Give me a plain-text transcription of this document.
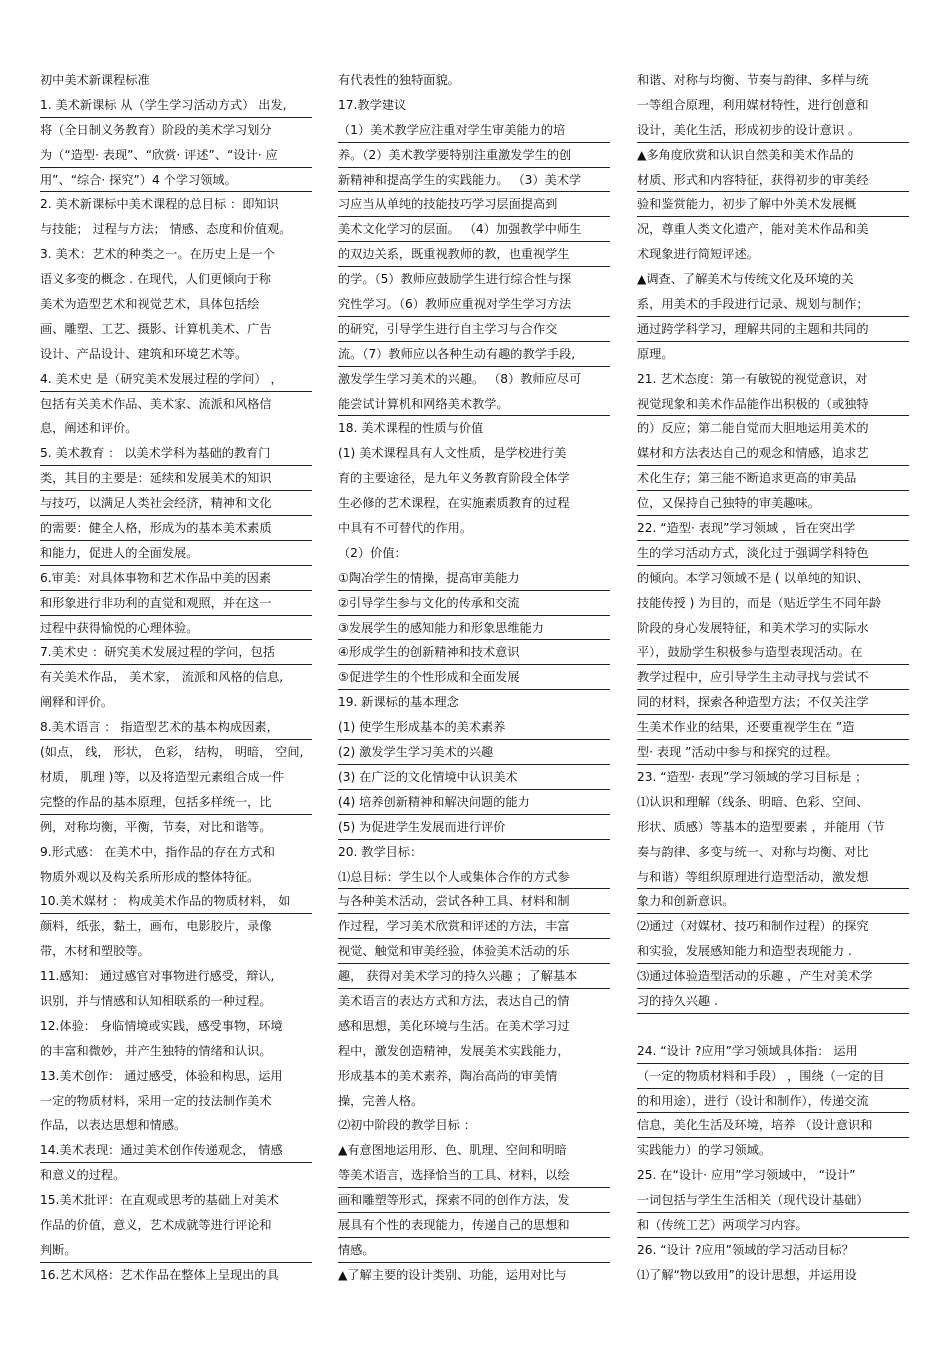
初中美术新课程标准
1. 美术新课标 从（学生学习活动方式） 出发,
将（全日制义务教育）阶段的美术学习划分
为（“造型· 表现”、“欣赏· 评述”、“设计· 应
用”、“综合· 探究”）4 个学习领域。
2. 美术新课标中美术课程的总目标 ：即知识
与技能； 过程与方法； 情感、态度和价值观。
3. 美术：艺术的种类之一。在历史上是一个
语义多变的概念 . 在现代，人们更倾向于称
美术为造型艺术和视觉艺术，具体包括绘
画、雕塑、工艺、摄影、计算机美术、广告
设计、产品设计、建筑和环境艺术等。
4. 美术史 是（研究美术发展过程的学问） ，
包括有关美术作品、美术家、流派和风格信
息，阐述和评价。
5. 美术教育 ： 以美术学科为基础的教育门
类，其目的主要是：延续和发展美术的知识
与技巧，以满足人类社会经济，精神和文化
的需要：健全人格，形成为的基本美术素质
和能力，促进人的全面发展。
6.审美：对具体事物和艺术作品中美的因素
和形象进行非功利的直觉和观照，并在这一
过程中获得愉悦的心理体验。
7.美术史 ：研究美术发展过程的学问，包括
有关美术作品， 美术家， 流派和风格的信息,
阐释和评价。
8.美术语言 ： 指造型艺术的基本构成因素，
(如点， 线， 形状， 色彩， 结构， 明暗， 空间,
材质， 肌理 )等，以及将造型元素组合成一件
完整的作品的基本原理，包括多样统一，比
例，对称均衡，平衡，节奏，对比和谐等。
9.形式感： 在美术中，指作品的存在方式和
物质外观以及构关系所形成的整体特征。
10.美术媒材 ： 构成美术作品的物质材料， 如
颜料，纸张，黏土，画布，电影胶片，录像
带，木材和塑胶等。
11.感知： 通过感官对事物进行感受，辩认,
识别，并与情感和认知相联系的一种过程。
12.体验： 身临情境或实践，感受事物，环境
的丰富和微妙，并产生独特的情绪和认识。
13.美术创作： 通过感受，体验和构思，运用
一定的物质材料，采用一定的技法制作美术
作品，以表达思想和情感。
14.美术表现：通过美术创作传递观念， 情感
和意义的过程。
15.美术批评：在直观或思考的基础上对美术
作品的价值，意义，艺术成就等进行评论和
判断。
16.艺术风格：艺术作品在整体上呈现出的具
有代表性的独特面貌。
17.教学建议
（1）美术教学应注重对学生审美能力的培
养。（2）美术教学要特别注重激发学生的创
新精神和提高学生的实践能力。 （3）美术学
习应当从单纯的技能技巧学习层面提高到
美术文化学习的层面。 （4）加强教学中师生
的双边关系，既重视教师的教，也重视学生
的学。（5）教师应鼓励学生进行综合性与探
究性学习。（6）教师应重视对学生学习方法
的研究，引导学生进行自主学习与合作交
流。（7）教师应以各种生动有趣的教学手段,
激发学生学习美术的兴趣。 （8）教师应尽可
能尝试计算机和网络美术教学。
18. 美术课程的性质与价值
(1) 美术课程具有人文性质，是学校进行美
育的主要途径，是九年义务教育阶段全体学
生必修的艺术课程，在实施素质教育的过程
中具有不可替代的作用。
（2）价值：
①陶冶学生的情操，提高审美能力
②引导学生参与文化的传承和交流
③发展学生的感知能力和形象思维能力
④形成学生的创新精神和技术意识
⑤促进学生的个性形成和全面发展
19. 新课标的基本理念
(1) 使学生形成基本的美术素养
(2) 激发学生学习美术的兴趣
(3) 在广泛的文化情境中认识美术
(4) 培养创新精神和解决问题的能力
(5) 为促进学生发展而进行评价
20. 教学目标：
⑴总目标：学生以个人或集体合作的方式参
与各种美术活动，尝试各种工具、材料和制
作过程，学习美术欣赏和评述的方法，丰富
视觉、触觉和审美经验，体验美术活动的乐
趣， 获得对美术学习的持久兴趣 ；了解基本
美术语言的表达方式和方法，表达自己的情
感和思想，美化环境与生活。在美术学习过
程中，激发创造精神，发展美术实践能力，
形成基本的美术素养，陶冶高尚的审美情
操，完善人格。
⑵初中阶段的教学目标 ：
▲有意图地运用形、色、肌理、空间和明暗
等美术语言，选择恰当的工具、材料，以绘
画和雕塑等形式，探索不同的创作方法，发
展具有个性的表现能力，传递自己的思想和
情感。
▲了解主要的设计类别、功能，运用对比与
和谐、对称与均衡、节奏与韵律、多样与统
一等组合原理，利用媒材特性，进行创意和
设计，美化生活，形成初步的设计意识 。
▲多角度欣赏和认识自然美和美术作品的
材质、形式和内容特征，获得初步的审美经
验和鉴赏能力，初步了解中外美术发展概
况，尊重人类文化遗产，能对美术作品和美
术现象进行简短评述。
▲调查、了解美术与传统文化及环境的关
系，用美术的手段进行记录、规划与制作；
通过跨学科学习，理解共同的主题和共同的
原理。
21. 艺术态度：第一有敏锐的视觉意识，对
视觉现象和美术作品能作出积极的（或独特
的）反应；第二能自觉而大胆地运用美术的
媒材和方法表达自己的观念和情感，追求艺
术化生存；第三能不断追求更高的审美品
位，又保持自己独特的审美趣味。
22. “造型· 表现”学习领域 ，旨在突出学
生的学习活动方式，淡化过于强调学科特色
的倾向。本学习领域不是 ( 以单纯的知识、
技能传授 ) 为目的，而是（贴近学生不同年龄
阶段的身心发展特征，和美术学习的实际水
平），鼓励学生积极参与造型表现活动。在
教学过程中，应引导学生主动寻找与尝试不
同的材料，探索各种造型方法；不仅关注学
生美术作业的结果，还要重视学生在 ”造
型· 表现 ”活动中参与和探究的过程。
23. “造型· 表现”学习领域的学习目标是 ；
⑴认识和理解（线条、明暗、色彩、空间、
形状、质感）等基本的造型要素 ，并能用（节
奏与韵律、多变与统一、对称与均衡、对比
与和谐）等组织原理进行造型活动，激发想
象力和创新意识。
⑵通过（对媒材、技巧和制作过程）的探究
和实验，发展感知能力和造型表现能力 .
⑶通过体验造型活动的乐趣 ，产生对美术学
习的持久兴趣 .
24. “设计 ?应用”学习领域具体指： 运用
（一定的物质材料和手段） ，围绕（一定的目
的和用途），进行（设计和制作），传递交流
信息，美化生活及环境，培养 （设计意识和
实践能力）的学习领域。
25. 在“设计· 应用”学习领域中， “设计”
一词包括与学生生活相关（现代设计基础）
和（传统工艺）两项学习内容。
26. “设计 ?应用”领域的学习活动目标？
⑴了解“物以致用”的设计思想，并运用设
